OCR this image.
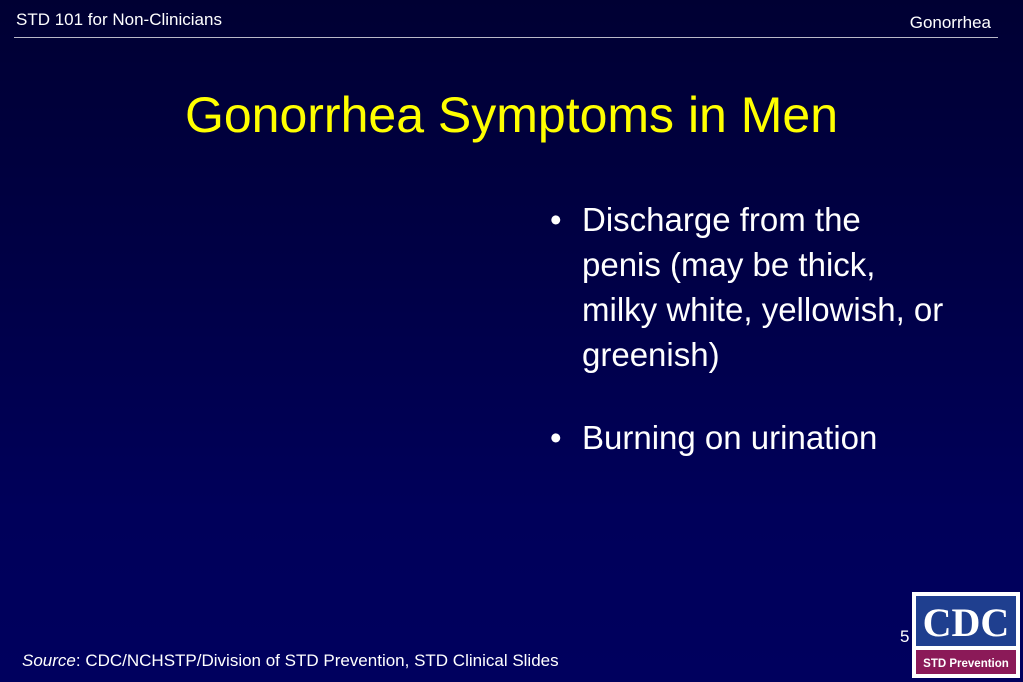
STD 101 for Non-Clinicians	Gonorrhea
Gonorrhea Symptoms in Men
• Discharge from the penis (may be thick, milky white, yellowish, or greenish)
• Burning on urination
5
Source: CDC/NCHSTP/Division of STD Prevention, STD Clinical Slides
CDC
STD Prevention
